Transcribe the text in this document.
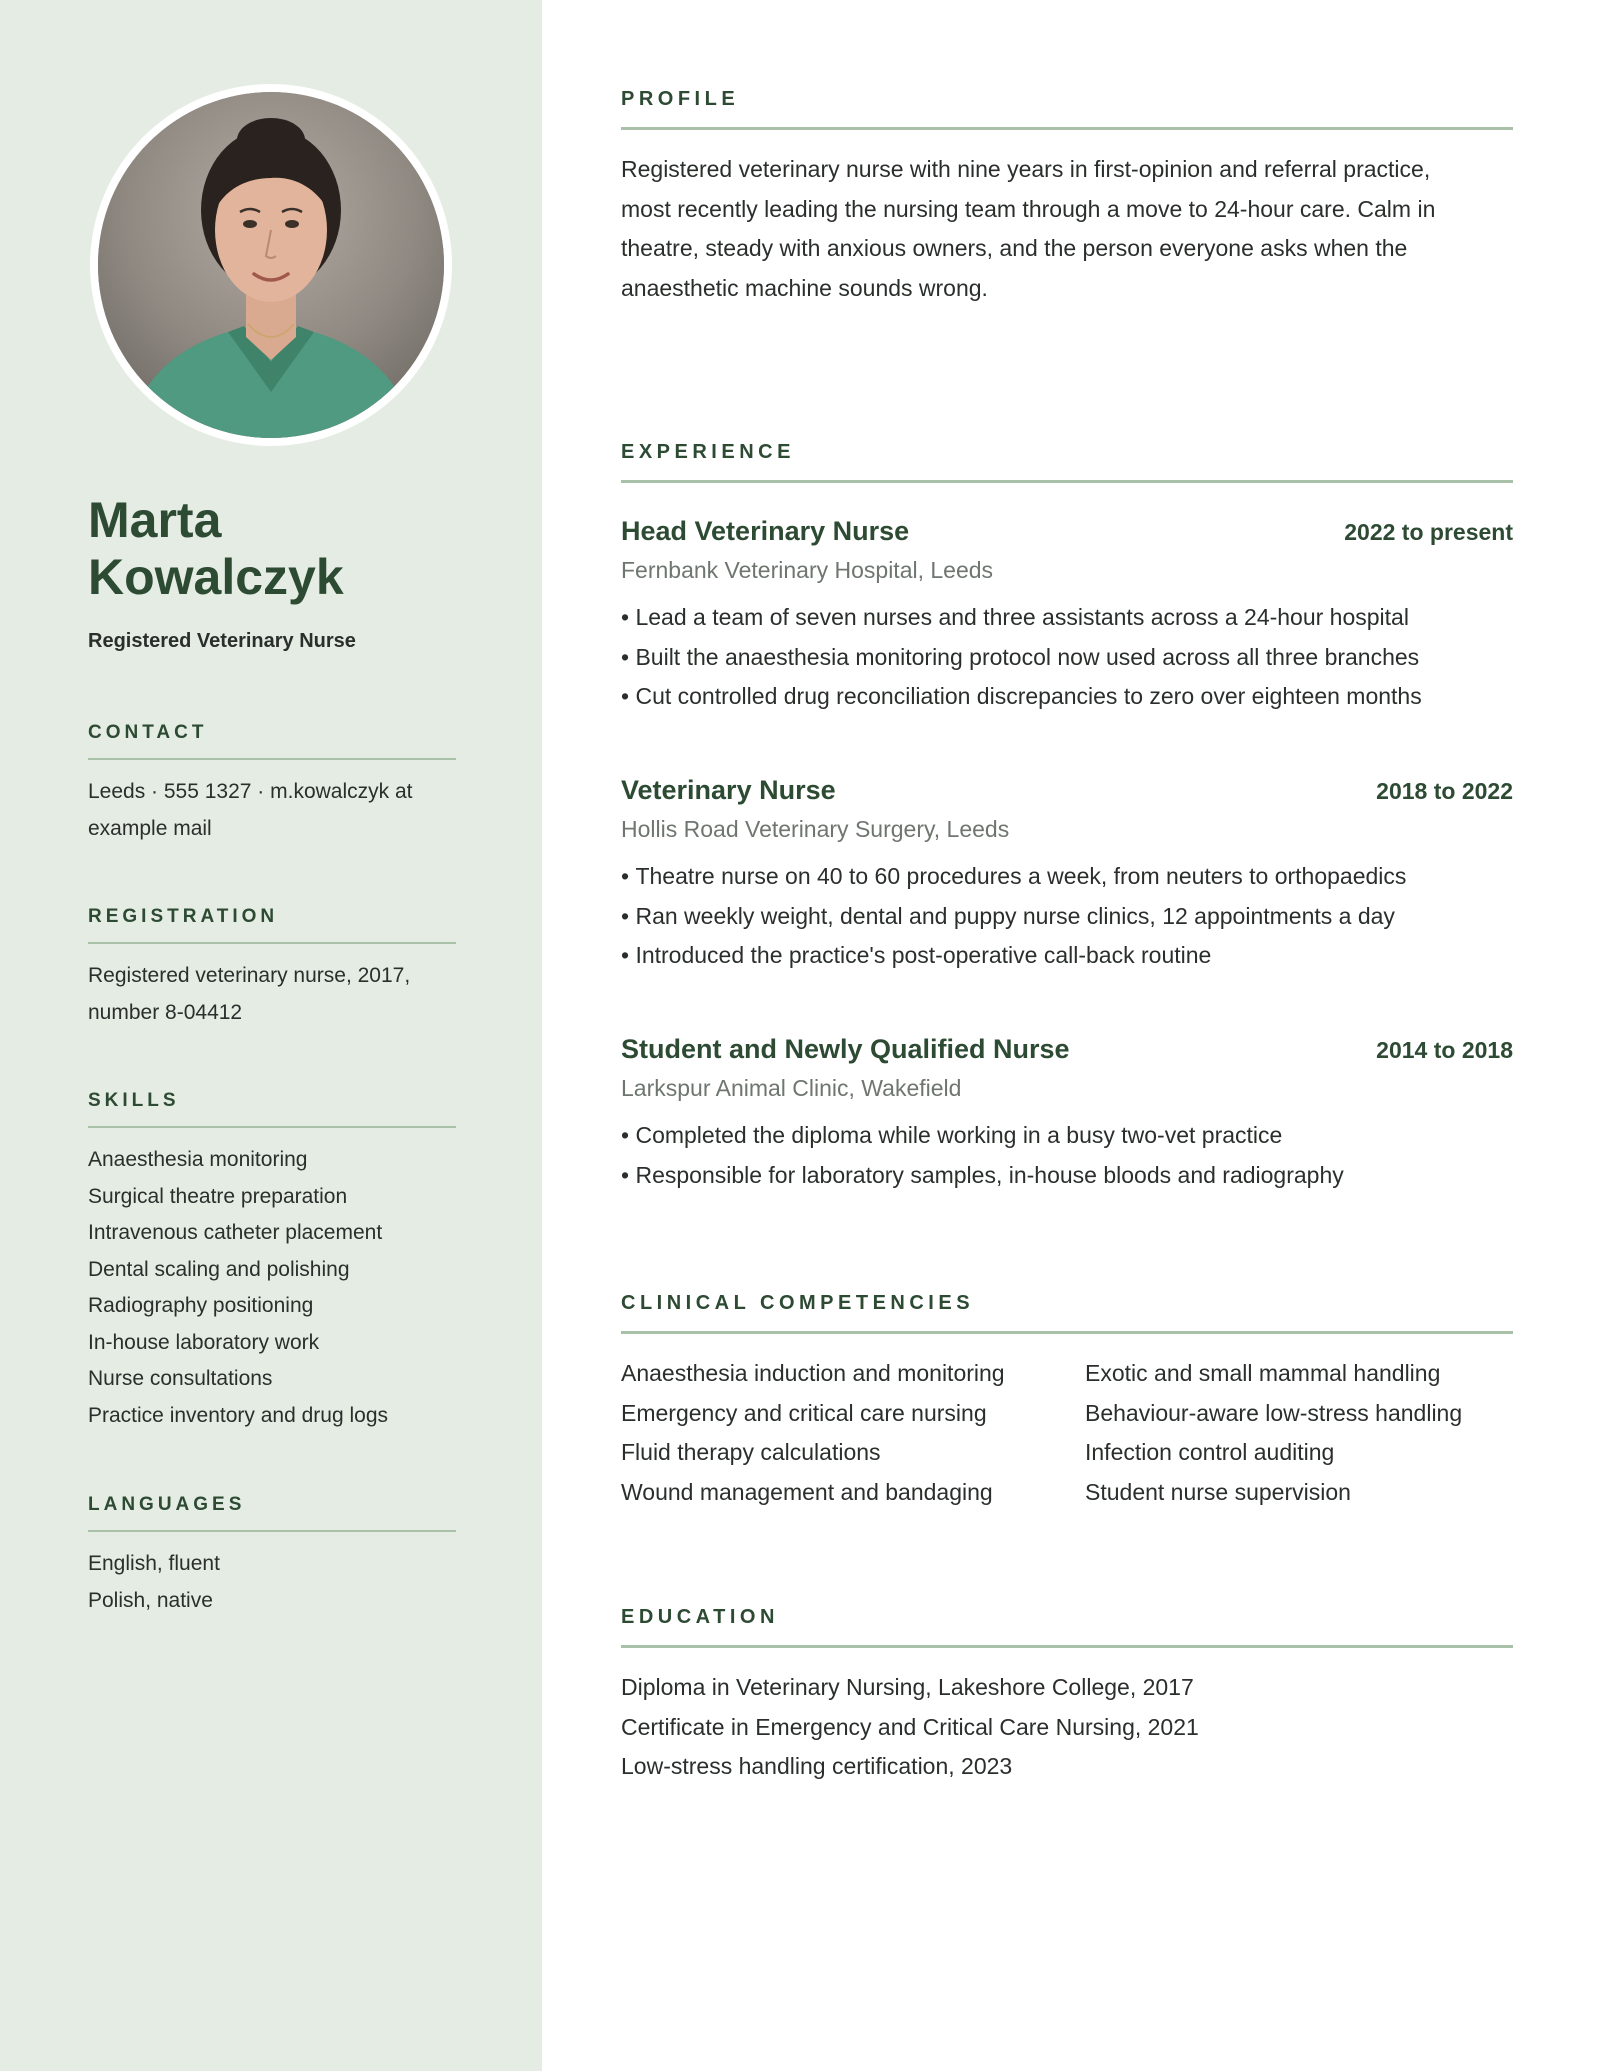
Marta
Kowalczyk
Registered Veterinary Nurse
CONTACT
Leeds · 555 1327 · m.kowalczyk at
example mail
REGISTRATION
Registered veterinary nurse, 2017,
number 8-04412
SKILLS
Anaesthesia monitoring
Surgical theatre preparation
Intravenous catheter placement
Dental scaling and polishing
Radiography positioning
In-house laboratory work
Nurse consultations
Practice inventory and drug logs
LANGUAGES
English, fluent
Polish, native
PROFILE
Registered veterinary nurse with nine years in first-opinion and referral practice,
most recently leading the nursing team through a move to 24-hour care. Calm in
theatre, steady with anxious owners, and the person everyone asks when the
anaesthetic machine sounds wrong.
EXPERIENCE
Head Veterinary Nurse	2022 to present
Fernbank Veterinary Hospital, Leeds
• Lead a team of seven nurses and three assistants across a 24-hour hospital
• Built the anaesthesia monitoring protocol now used across all three branches
• Cut controlled drug reconciliation discrepancies to zero over eighteen months
Veterinary Nurse	2018 to 2022
Hollis Road Veterinary Surgery, Leeds
• Theatre nurse on 40 to 60 procedures a week, from neuters to orthopaedics
• Ran weekly weight, dental and puppy nurse clinics, 12 appointments a day
• Introduced the practice's post-operative call-back routine
Student and Newly Qualified Nurse	2014 to 2018
Larkspur Animal Clinic, Wakefield
• Completed the diploma while working in a busy two-vet practice
• Responsible for laboratory samples, in-house bloods and radiography
CLINICAL COMPETENCIES
Anaesthesia induction and monitoring	Exotic and small mammal handling
Emergency and critical care nursing	Behaviour-aware low-stress handling
Fluid therapy calculations	Infection control auditing
Wound management and bandaging	Student nurse supervision
EDUCATION
Diploma in Veterinary Nursing, Lakeshore College, 2017
Certificate in Emergency and Critical Care Nursing, 2021
Low-stress handling certification, 2023
